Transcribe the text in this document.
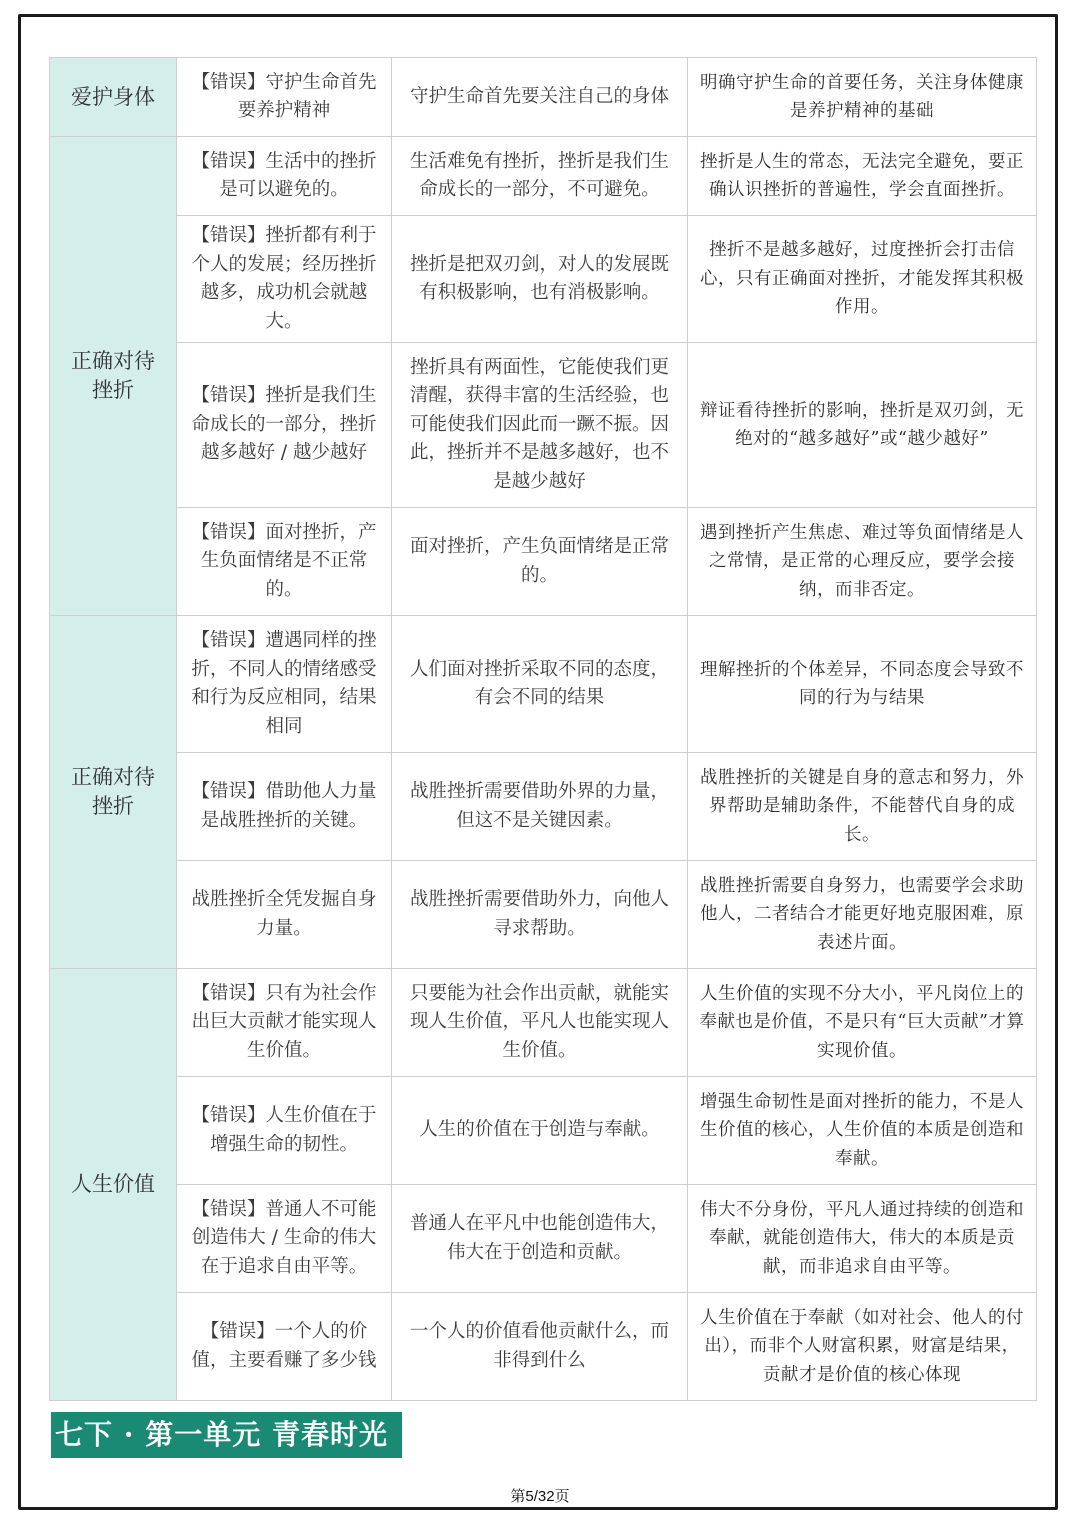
爱护身体	【错误】守护生命首先要养护精神	守护生命首先要关注自己的身体	明确守护生命的首要任务，关注身体健康是养护精神的基础
正确对待挫折	【错误】生活中的挫折是可以避免的。	生活难免有挫折，挫折是我们生命成长的一部分，不可避免。	挫折是人生的常态，无法完全避免，要正确认识挫折的普遍性，学会直面挫折。
	【错误】挫折都有利于个人的发展；经历挫折越多，成功机会就越大。	挫折是把双刃剑，对人的发展既有积极影响，也有消极影响。	挫折不是越多越好，过度挫折会打击信心，只有正确面对挫折，才能发挥其积极作用。
	【错误】挫折是我们生命成长的一部分，挫折越多越好 / 越少越好	挫折具有两面性，它能使我们更清醒，获得丰富的生活经验，也可能使我们因此而一蹶不振。因此，挫折并不是越多越好，也不是越少越好	辩证看待挫折的影响，挫折是双刃剑，无绝对的“越多越好”或“越少越好”
	【错误】面对挫折，产生负面情绪是不正常的。	面对挫折，产生负面情绪是正常的。	遇到挫折产生焦虑、难过等负面情绪是人之常情，是正常的心理反应，要学会接纳，而非否定。
正确对待挫折	【错误】遭遇同样的挫折，不同人的情绪感受和行为反应相同，结果相同	人们面对挫折采取不同的态度，有会不同的结果	理解挫折的个体差异，不同态度会导致不同的行为与结果
	【错误】借助他人力量是战胜挫折的关键。	战胜挫折需要借助外界的力量，但这不是关键因素。	战胜挫折的关键是自身的意志和努力，外界帮助是辅助条件，不能替代自身的成长。
	战胜挫折全凭发掘自身力量。	战胜挫折需要借助外力，向他人寻求帮助。	战胜挫折需要自身努力，也需要学会求助他人，二者结合才能更好地克服困难，原表述片面。
人生价值	【错误】只有为社会作出巨大贡献才能实现人生价值。	只要能为社会作出贡献，就能实现人生价值，平凡人也能实现人生价值。	人生价值的实现不分大小，平凡岗位上的奉献也是价值，不是只有“巨大贡献”才算实现价值。
	【错误】人生价值在于增强生命的韧性。	人生的价值在于创造与奉献。	增强生命韧性是面对挫折的能力，不是人生价值的核心，人生价值的本质是创造和奉献。
	【错误】普通人不可能创造伟大 / 生命的伟大在于追求自由平等。	普通人在平凡中也能创造伟大，伟大在于创造和贡献。	伟大不分身份，平凡人通过持续的创造和奉献，就能创造伟大，伟大的本质是贡献，而非追求自由平等。
	【错误】一个人的价值，主要看赚了多少钱	一个人的价值看他贡献什么，而非得到什么	人生价值在于奉献（如对社会、他人的付出），而非个人财富积累，财富是结果，贡献才是价值的核心体现
七下 · 第一单元 青春时光
第5/32页
